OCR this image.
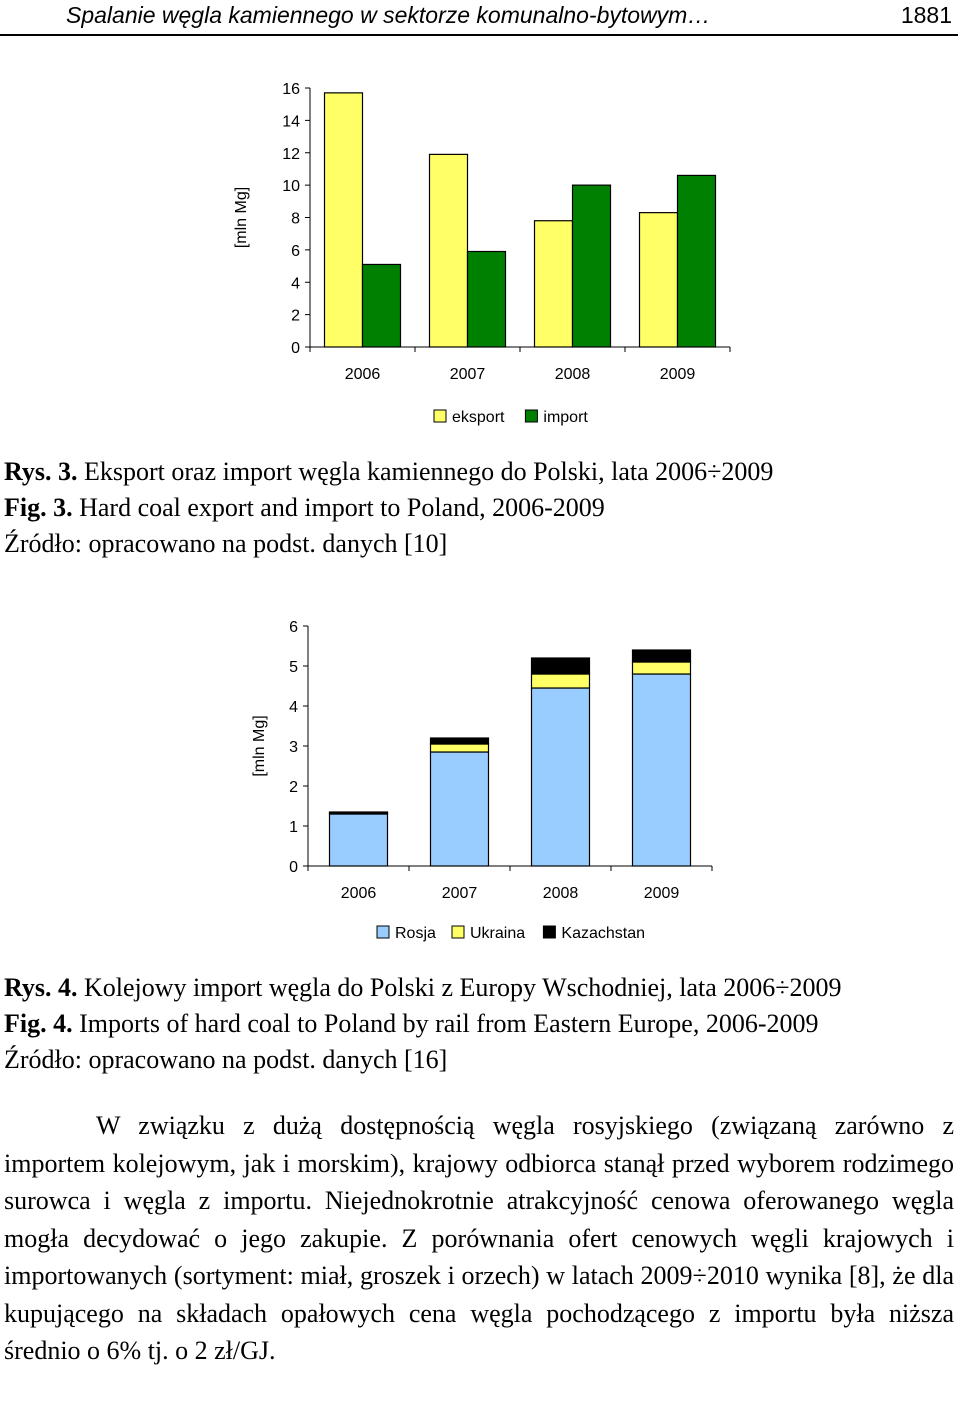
Spalanie węgla kamiennego w sektorze komunalno-bytowym…	1881
0
2
4
6
8
10
12
14
16
[mln Mg]
2006	2007	2008	2009
eksport import
Rys. 3. Eksport oraz import węgla kamiennego do Polski, lata 2006÷2009
Fig. 3. Hard coal export and import to Poland, 2006-2009
Źródło: opracowano na podst. danych [10]
0
1
2
3
4
5
6
[mln Mg]
2006	2007	2008	2009
Rosja Ukraina Kazachstan
Rys. 4. Kolejowy import węgla do Polski z Europy Wschodniej, lata 2006÷2009
Fig. 4. Imports of hard coal to Poland by rail from Eastern Europe, 2006-2009
Źródło: opracowano na podst. danych [16]

W związku z dużą dostępnością węgla rosyjskiego (związaną zarówno z importem kolejowym, jak i morskim), krajowy odbiorca stanął przed wyborem rodzimego surowca i węgla z importu. Niejednokrotnie atrakcyjność cenowa oferowanego węgla mogła decydować o jego zakupie. Z porównania ofert cenowych węgli krajowych i importowanych (sortyment: miał, groszek i orzech) w latach 2009÷2010 wynika [8], że dla kupującego na składach opałowych cena węgla pochodzącego z importu była niższa średnio o 6% tj. o 2 zł/GJ.
